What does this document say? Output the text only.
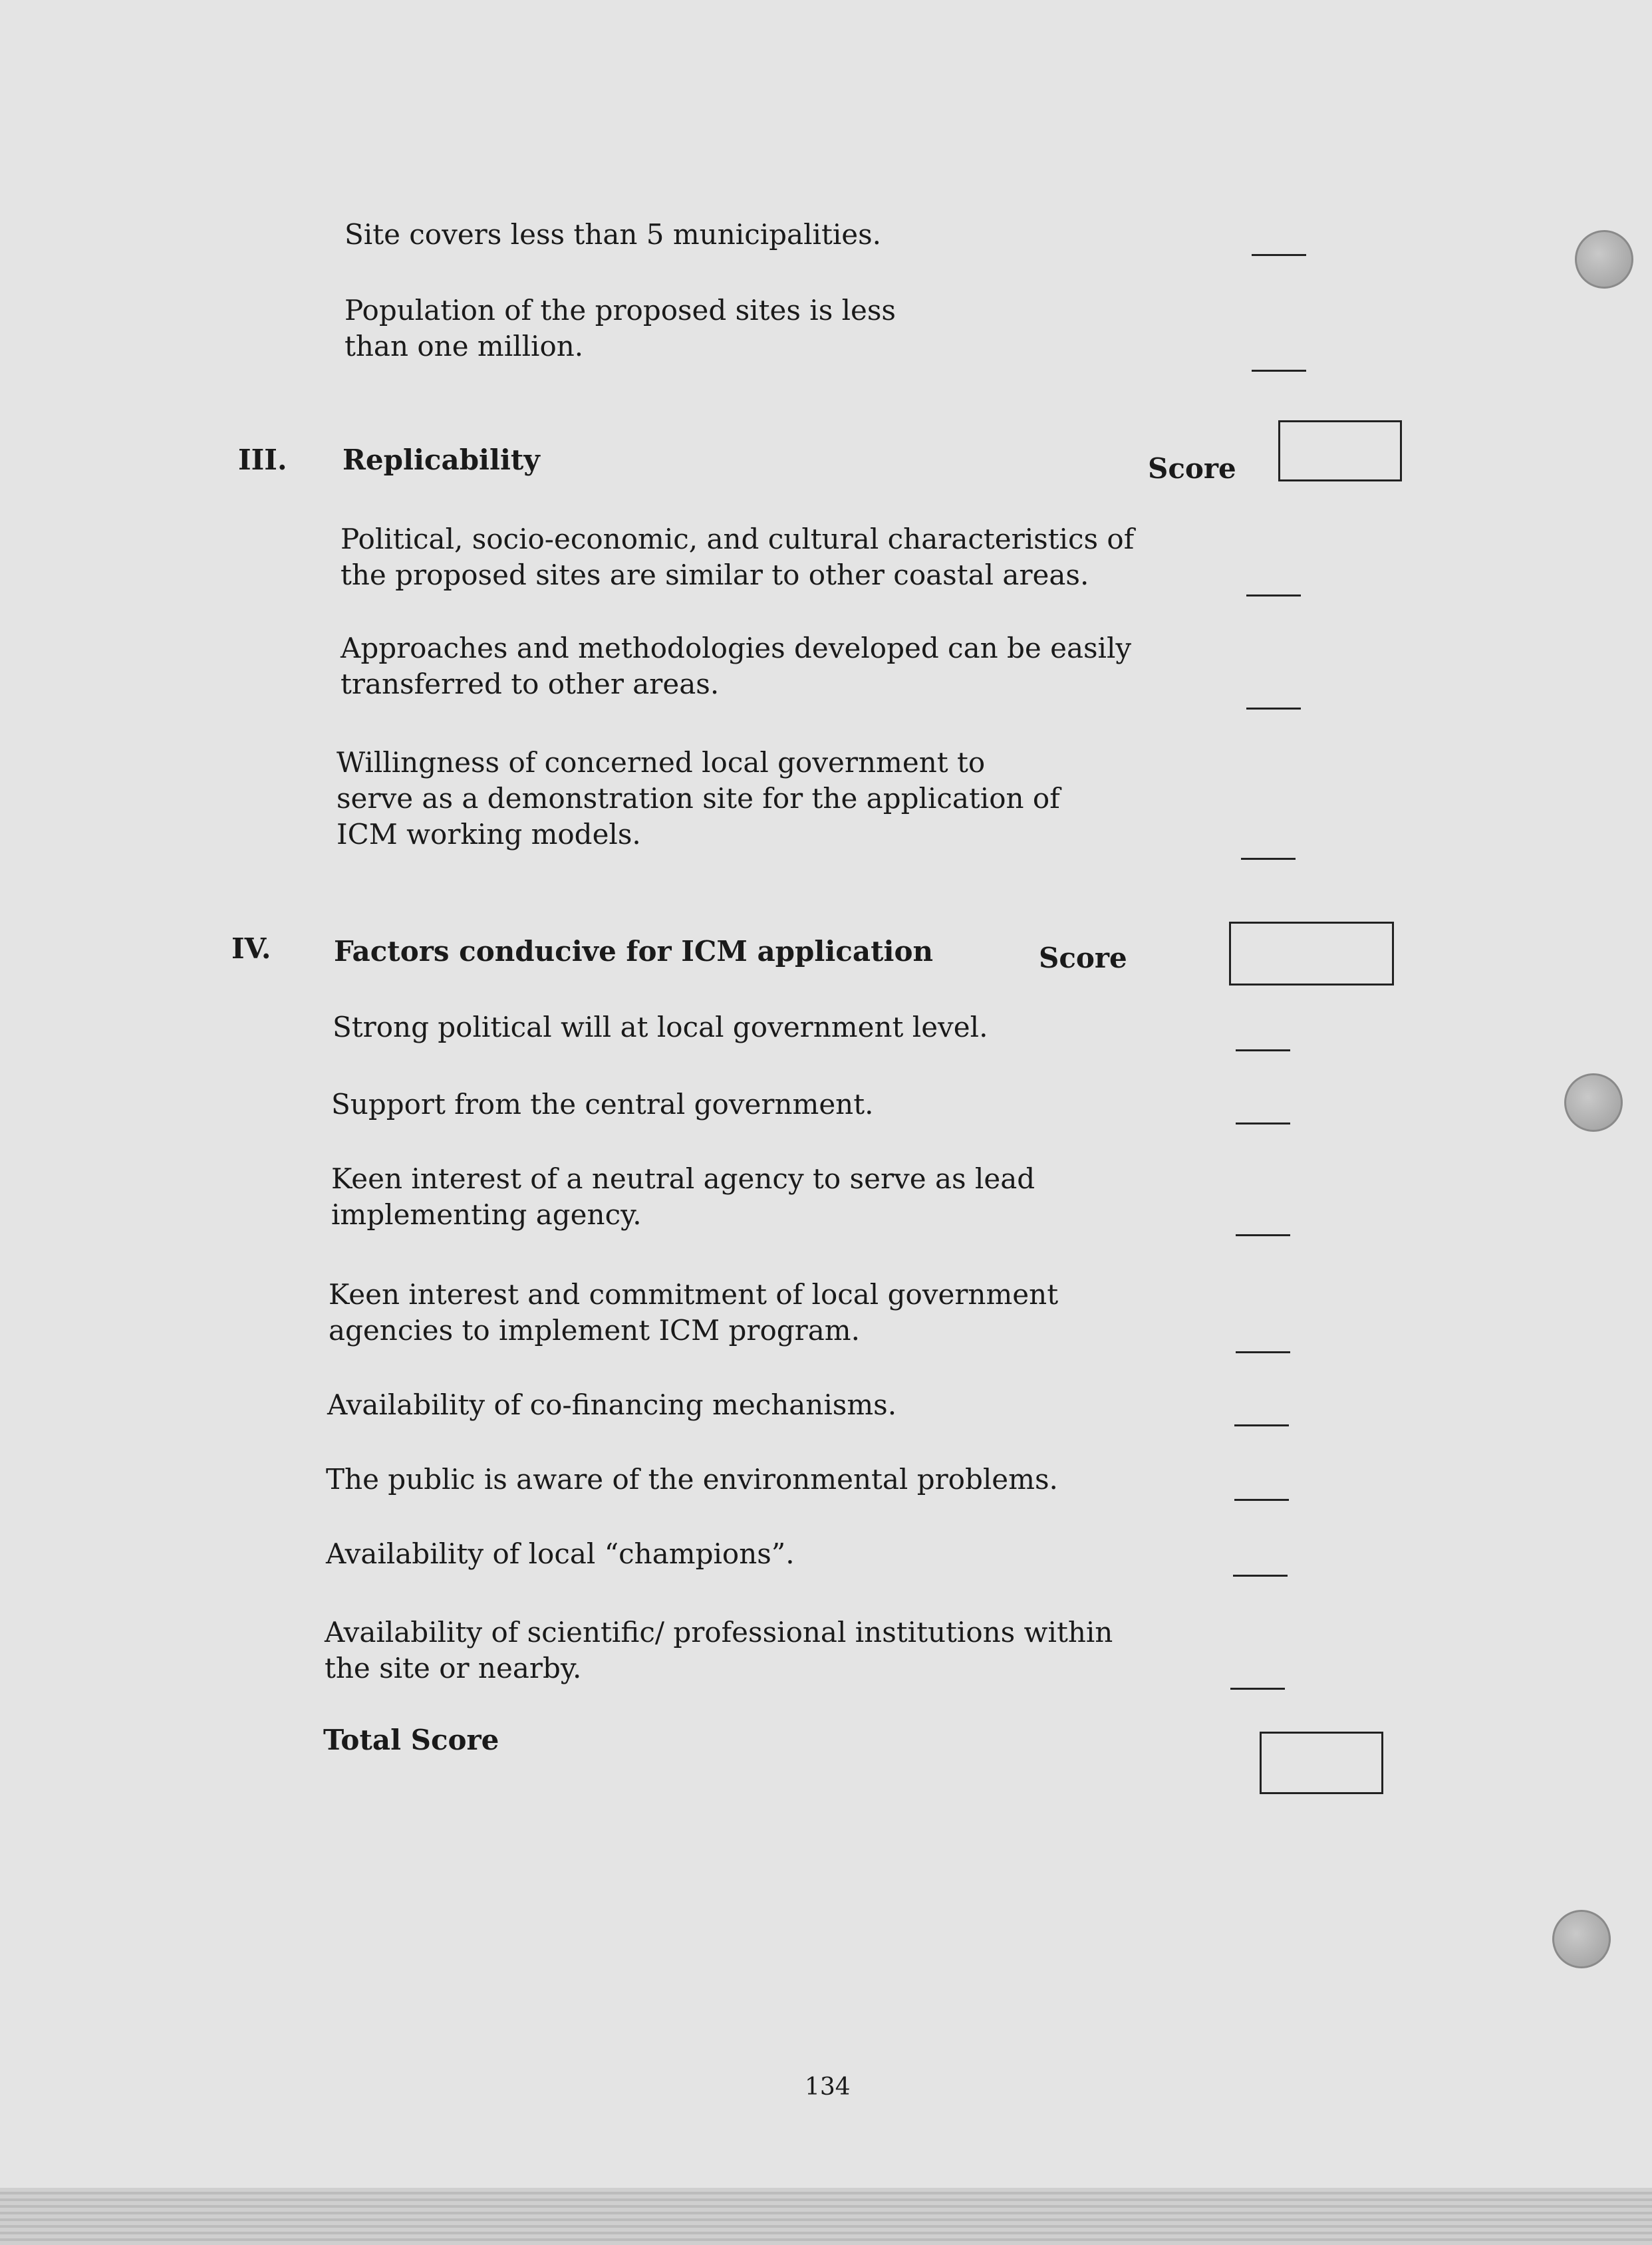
Site covers less than 5 municipalities.
Population of the proposed sites is less
than one million.
III. Replicability	Score
Political, socio-economic, and cultural characteristics of
the proposed sites are similar to other coastal areas.
Approaches and methodologies developed can be easily
transferred to other areas.
Willingness of concerned local government to
serve as a demonstration site for the application of
ICM working models.
IV. Factors conducive for ICM application	Score
Strong political will at local government level.
Support from the central government.
Keen interest of a neutral agency to serve as lead
implementing agency.
Keen interest and commitment of local government
agencies to implement ICM program.
Availability of co-financing mechanisms.
The public is aware of the environmental problems.
Availability of local “champions”.
Availability of scientific/ professional institutions within
the site or nearby.
Total Score
134
